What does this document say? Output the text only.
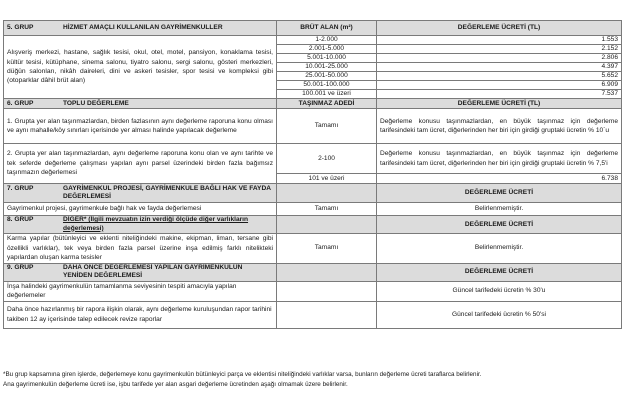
5. GRUP HİZMET AMAÇLI KULLANILAN GAYRİMENKULLER	BRÜT ALAN (m²)	DEĞERLEME ÜCRETİ (TL)
Alışveriş merkezi, hastane, sağlık tesisi, okul, otel, motel, pansiyon, konaklama tesisi, kültür tesisi, kütüphane, sinema salonu, tiyatro salonu, sergi salonu, gösteri merkezleri, düğün salonları, nikâh daireleri, dini ve askeri tesisler, spor tesisi ve kompleksi gibi (otoparklar dâhil brüt alan)	1-2.000	1.553
	2.001-5.000	2.152
	5.001-10.000	2.806
	10.001-25.000	4.397
	25.001-50.000	5.652
	50.001-100.000	6.909
	100.001 ve üzeri	7.537
6. GRUP TOPLU DEĞERLEME	TAŞINMAZ ADEDİ	DEĞERLEME ÜCRETİ (TL)
1. Grupta yer alan taşınmazlardan, birden fazlasının aynı değerleme raporuna konu olması ve aynı mahalle/köy sınırları içerisinde yer alması halinde yapılacak değerleme	Tamamı	Değerleme konusu taşınmazlardan, en büyük taşınmaz için değerleme tarifesindeki tam ücret, diğerlerinden her biri için girdiği gruptaki ücretin % 10´u
2. Grupta yer alan taşınmazlardan, aynı değerleme raporuna konu olan ve aynı tarihte ve tek seferde değerleme çalışması yapılan aynı parsel üzerindeki birden fazla bağımsız taşınmazın değerlemesi	2-100	Değerleme konusu taşınmazlardan, en büyük taşınmaz için değerleme tarifesindeki tam ücret, diğerlerinden her biri için girdiği gruptaki ücretin % 7,5'i
	101 ve üzeri	6.738

7. GRUP GAYRİMENKUL PROJESİ, GAYRİMENKULE BAĞLI HAK VE FAYDA DEĞERLEMESİ		DEĞERLEME ÜCRETİ
Gayrimenkul projesi, gayrimenkule bağlı hak ve fayda değerlemesi	Tamamı	Belirlenmemiştir.

8. GRUP DİĞER* (İlgili mevzuatın izin verdiği ölçüde diğer varlıkların değerlemesi)		DEĞERLEME ÜCRETİ
Karma yapılar (bütünleyici ve eklenti niteliğindeki makine, ekipman, liman, tersane gibi özellikli varlıklar), tek veya birden fazla parsel üzerine inşa edilmiş farklı nitelikteki yapılardan oluşan karma tesisler	Tamamı	Belirlenmemiştir.

9. GRUP DAHA ÖNCE DEĞERLEMESİ YAPILAN GAYRİMENKULÜN YENİDEN DEĞERLEMESİ		DEĞERLEME ÜCRETİ
İnşa halindeki gayrimenkulün tamamlanma seviyesinin tespiti amacıyla yapılan değerlemeler		Güncel tarifedeki ücretin % 30'u
Daha önce hazırlanmış bir rapora ilişkin olarak, aynı değerleme kuruluşundan rapor tarihini takiben 12 ay içerisinde talep edilecek revize raporlar		Güncel tarifedeki ücretin % 50'si
*Bu grup kapsamına giren işlerde, değerlemeye konu gayrimenkulün bütünleyici parça ve eklentisi niteliğindeki varlıklar varsa, bunların değerleme ücreti taraflarca belirlenir.
Ana gayrimenkulün değerleme ücreti ise, işbu tarifede yer alan asgari değerleme ücretinden aşağı olmamak üzere belirlenir.
